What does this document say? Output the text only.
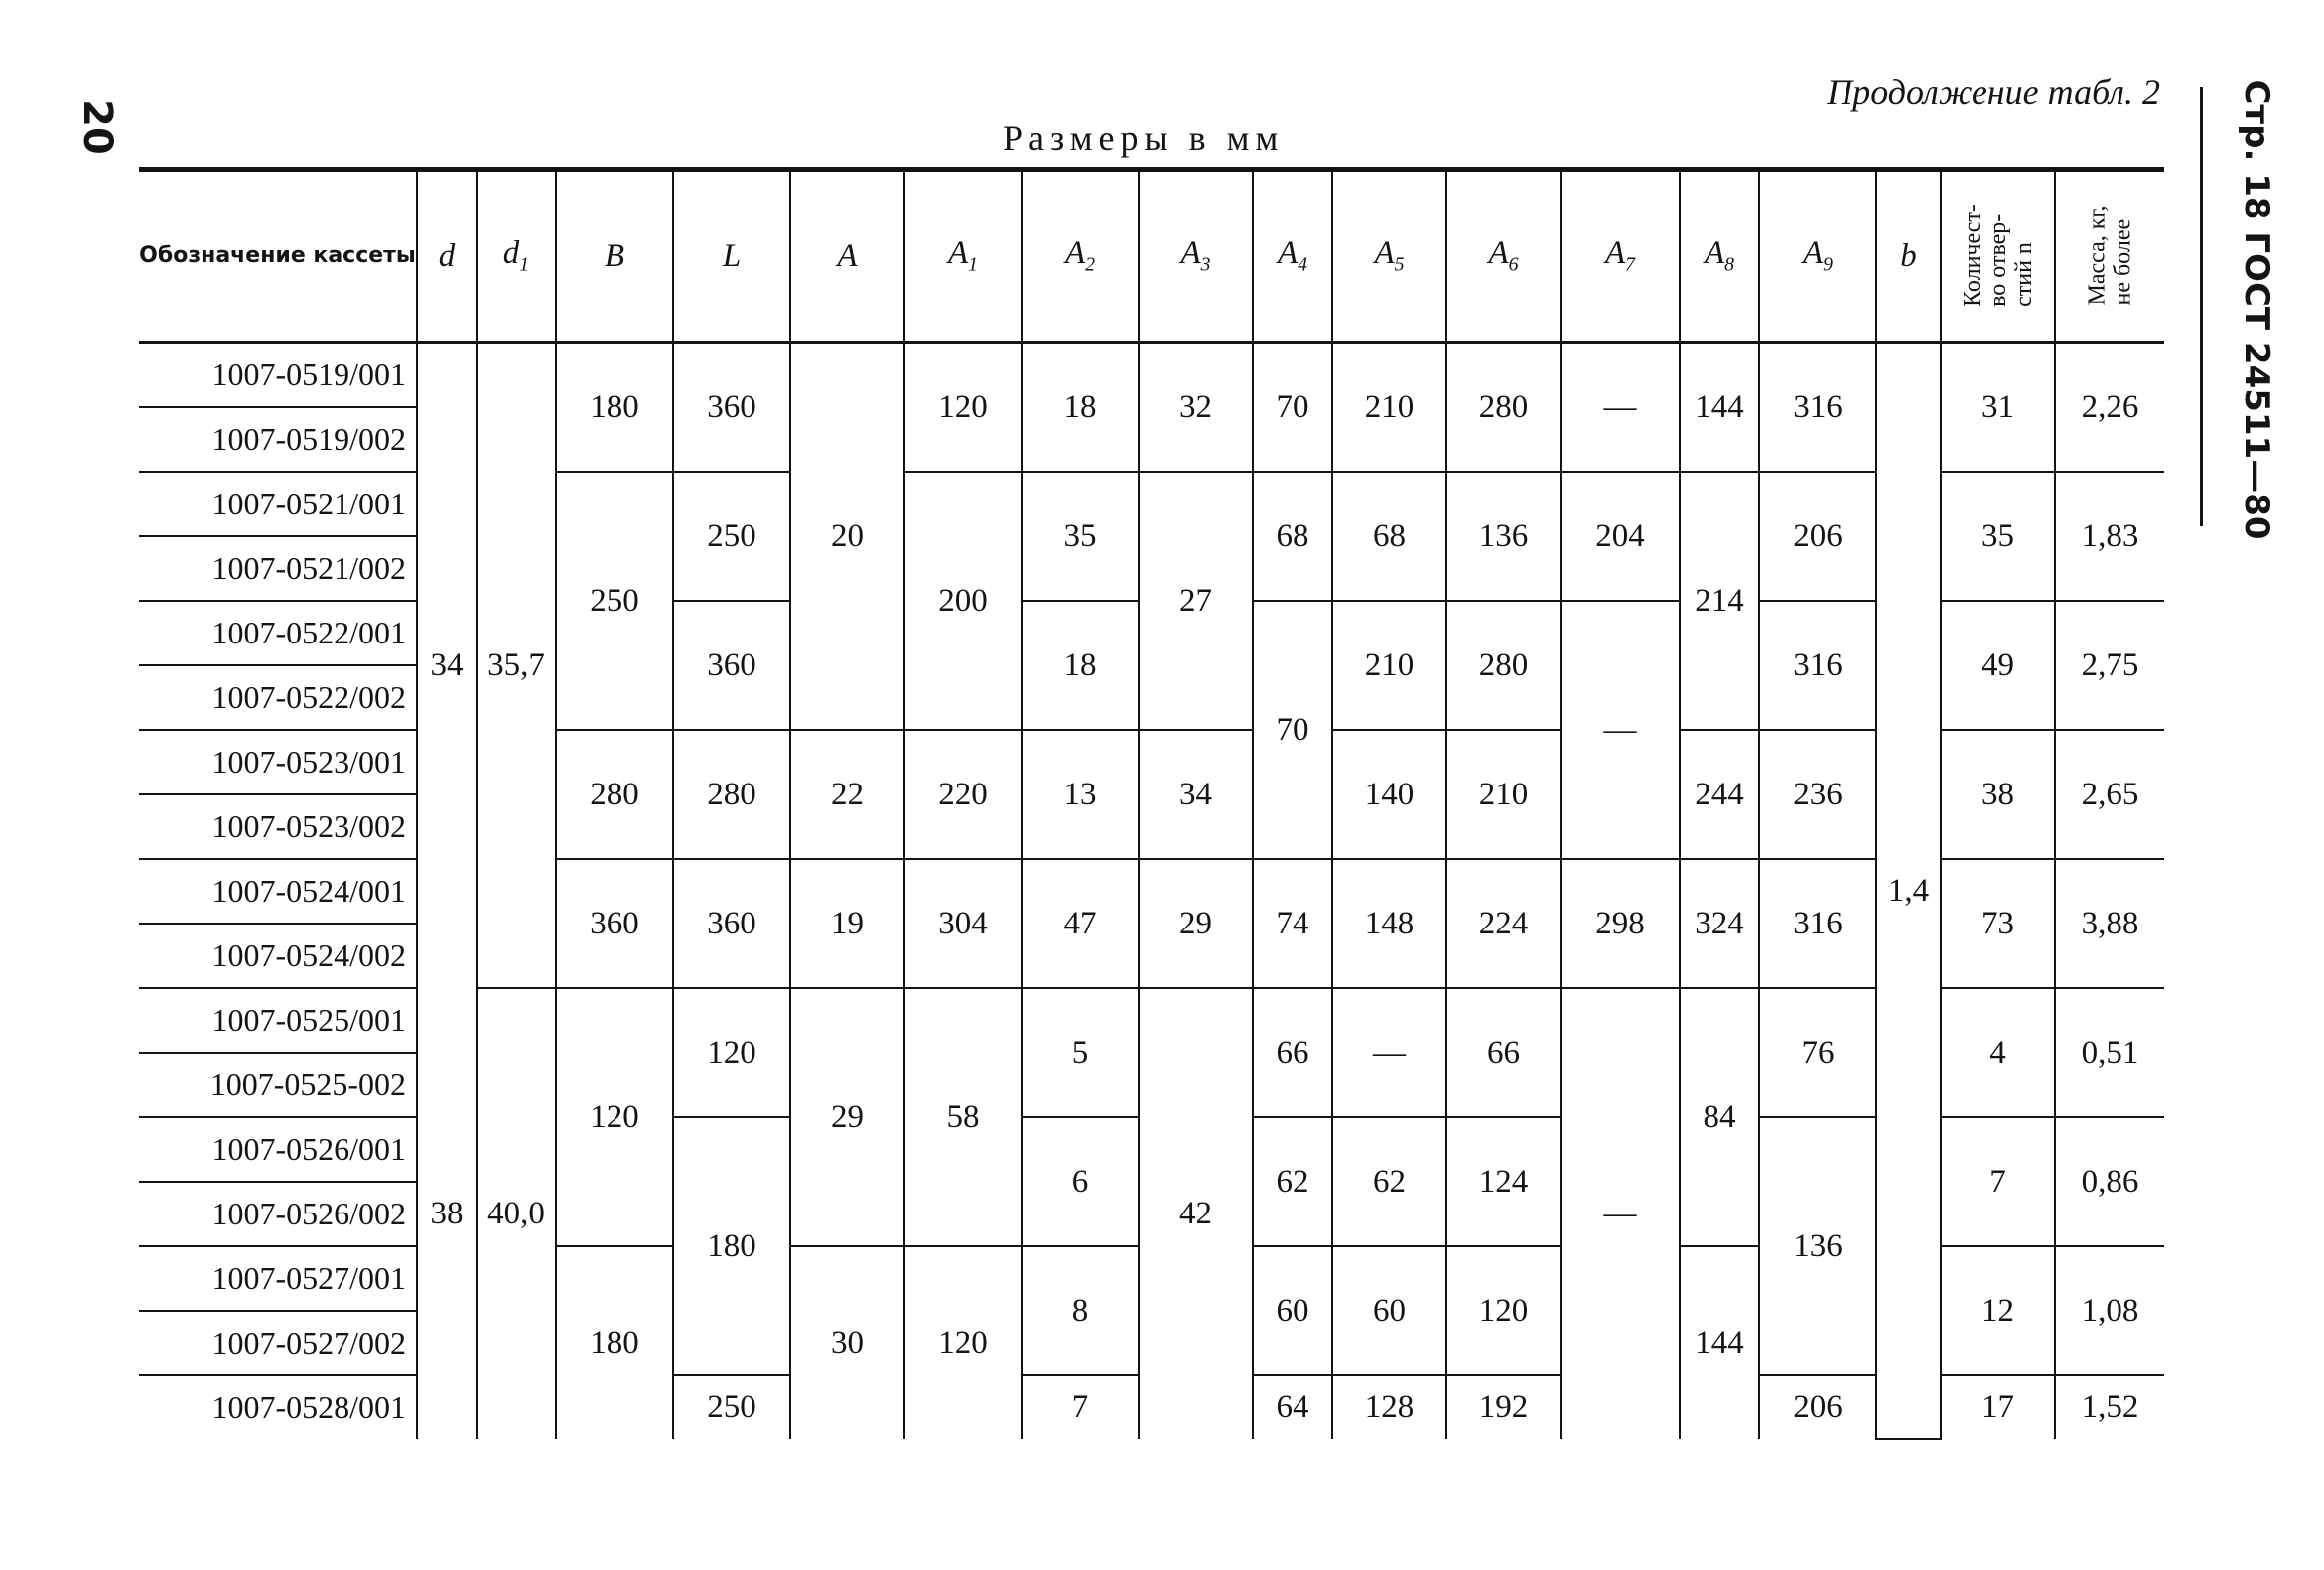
20
Продолжение табл. 2
Размеры в мм	Стр. 18 ГОСТ 24511—80
Обозначение кассеты	d	$d_1$	B	L	A	$A_1$	$A_2$	$A_3$	$A_4$	$A_5$	$A_6$	$A_7$	$A_8$	$A_9$	b	Количест-
во отвер-
стий n	Масса, кг,
не более
1007-0519/001	34	35,7	180	360	20	120	18	32	70	210	280	—	144	316	1,4	31	2,26
1007-0519/002																	
1007-0521/001			250	250		200	35	27	68	68	136	204	214	206		35	1,83
1007-0521/002																	
1007-0522/001				360			18		70	210	280	—		316		49	2,75
1007-0522/002																	
1007-0523/001			280	280	22	220	13	34		140	210		244	236		38	2,65
1007-0523/002																	
1007-0524/001			360	360	19	304	47	29	74	148	224	298	324	316		73	3,88
1007-0524/002																	
1007-0525/001	38	40,0	120	120	29	58	5	42	66	—	66	—	84	76		4	0,51
1007-0525-002																	
1007-0526/001				180			6		62	62	124			136		7	0,86
1007-0526/002																	
1007-0527/001			180		30	120	8		60	60	120		144			12	1,08
1007-0527/002																	
1007-0528/001				250			7		64	128	192			206		17	1,52
